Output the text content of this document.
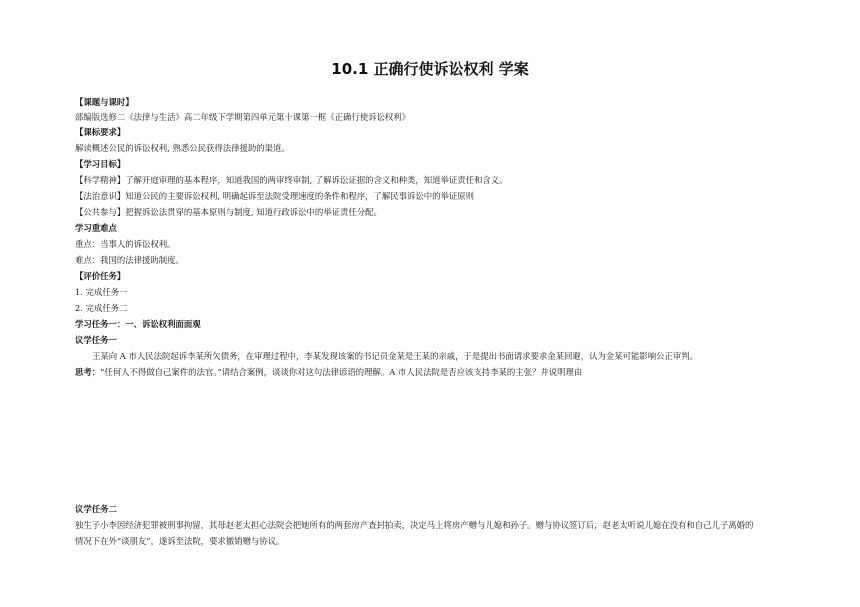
10.1 正确行使诉讼权利 学案
【课题与课时】
部编版选修二《法律与生活》高二年级下学期第四单元第十课第一框《正确行使诉讼权利》
【课标要求】
解读概述公民的诉讼权利, 熟悉公民获得法律援助的渠道。
【学习目标】
【科学精神】了解开庭审理的基本程序，知道我国的两审终审制, 了解诉讼证据的含义和种类，知道举证责任和含义。
【法治意识】知道公民的主要诉讼权利, 明确起诉至法院受理速度的条件和程序，了解民事诉讼中的举证原则
【公共参与】把握诉讼法贯穿的基本原则与制度, 知道行政诉讼中的举证责任分配。
学习重难点
重点：当事人的诉讼权利。
难点：我国的法律援助制度。
【评价任务】
1. 完成任务一
2. 完成任务二
学习任务一：一、诉讼权利面面观
议学任务一
王某向 A 市人民法院起诉李某所欠债务，在审理过程中，李某发现该案的书记员金某是王某的亲戚，于是提出书面请求要求金某回避，认为金某可能影响公正审判。
思考：“任何人不得做自己案件的法官。”请结合案例，谈谈你对这句法律谚语的理解。A 市人民法院是否应该支持李某的主张？并说明理由
议学任务二
独生子小李因经济犯罪被刑事拘留，其母赵老太担心法院会把她所有的两套房产查封拍卖，决定马上将房产赠与儿媳和孙子。赠与协议签订后，赵老太听说儿媳在没有和自己儿子离婚的
情况下在外“谈朋友”，遂诉至法院，要求撤销赠与协议。
